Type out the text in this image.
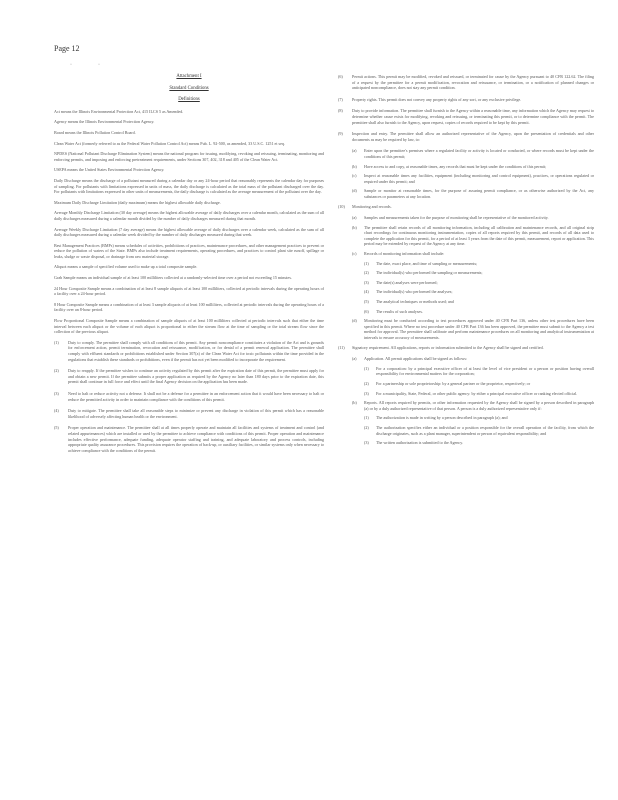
Page 12
·	·
Attachment I
Standard Conditions
Definitions
Act means the Illinois Environmental Protection Act, 415 ILCS 5 as Amended.
Agency means the Illinois Environmental Protection Agency.
Board means the Illinois Pollution Control Board.
Clean Water Act (formerly referred to as the Federal Water Pollution Control Act) means Pub. L. 92-500, as amended, 33 U.S.C. 1251 et seq.
NPDES (National Pollutant Discharge Elimination System) means the national program for issuing, modifying, revoking and reissuing, terminating, monitoring and enforcing permits, and imposing and enforcing pretreatment requirements, under Sections 307, 402, 318 and 405 of the Clean Water Act.
USEPA means the United States Environmental Protection Agency.
Daily Discharge means the discharge of a pollutant measured during a calendar day or any 24-hour period that reasonably represents the calendar day for purposes of sampling. For pollutants with limitations expressed in units of mass, the daily discharge is calculated as the total mass of the pollutant discharged over the day. For pollutants with limitations expressed in other units of measurements, the daily discharge is calculated as the average measurement of the pollutant over the day.
Maximum Daily Discharge Limitation (daily maximum) means the highest allowable daily discharge.
Average Monthly Discharge Limitation (30 day average) means the highest allowable average of daily discharges over a calendar month, calculated as the sum of all daily discharges measured during a calendar month divided by the number of daily discharges measured during that month.
Average Weekly Discharge Limitation (7 day average) means the highest allowable average of daily discharges over a calendar week, calculated as the sum of all daily discharges measured during a calendar week divided by the number of daily discharges measured during that week.
Best Management Practices (BMPs) means schedules of activities, prohibitions of practices, maintenance procedures, and other management practices to prevent or reduce the pollution of waters of the State. BMPs also include treatment requirements, operating procedures, and practices to control plant site runoff, spillage or leaks, sludge or waste disposal, or drainage from raw material storage.
Aliquot means a sample of specified volume used to make up a total composite sample.
Grab Sample means an individual sample of at least 100 milliliters collected at a randomly-selected time over a period not exceeding 15 minutes.
24 Hour Composite Sample means a combination of at least 8 sample aliquots of at least 100 milliliters, collected at periodic intervals during the operating hours of a facility over a 24-hour period.
8 Hour Composite Sample means a combination of at least 3 sample aliquots of at least 100 milliliters, collected at periodic intervals during the operating hours of a facility over an 8-hour period.
Flow Proportional Composite Sample means a combination of sample aliquots of at least 100 milliliters collected at periodic intervals such that either the time interval between each aliquot or the volume of each aliquot is proportional to either the stream flow at the time of sampling or the total stream flow since the collection of the previous aliquot.
(1)	Duty to comply. The permittee shall comply with all conditions of this permit. Any permit noncompliance constitutes a violation of the Act and is grounds for enforcement action, permit termination, revocation and reissuance, modification, or for denial of a permit renewal application. The permittee shall comply with effluent standards or prohibitions established under Section 307(a) of the Clean Water Act for toxic pollutants within the time provided in the regulations that establish these standards or prohibitions, even if the permit has not yet been modified to incorporate the requirement.
(2)	Duty to reapply. If the permittee wishes to continue an activity regulated by this permit after the expiration date of this permit, the permittee must apply for and obtain a new permit. If the permittee submits a proper application as required by the Agency no later than 180 days prior to the expiration date, this permit shall continue in full force and effect until the final Agency decision on the application has been made.
(3)	Need to halt or reduce activity not a defense. It shall not be a defense for a permittee in an enforcement action that it would have been necessary to halt or reduce the permitted activity in order to maintain compliance with the conditions of this permit.
(4)	Duty to mitigate. The permittee shall take all reasonable steps to minimize or prevent any discharge in violation of this permit which has a reasonable likelihood of adversely affecting human health or the environment.
(5)	Proper operation and maintenance. The permittee shall at all times properly operate and maintain all facilities and systems of treatment and control (and related appurtenances) which are installed or used by the permittee to achieve compliance with conditions of this permit. Proper operation and maintenance includes effective performance, adequate funding, adequate operator staffing and training, and adequate laboratory and process controls, including appropriate quality assurance procedures. This provision requires the operation of back-up, or auxiliary facilities, or similar systems only when necessary to achieve compliance with the conditions of the permit.
(6)	Permit actions. This permit may be modified, revoked and reissued, or terminated for cause by the Agency pursuant to 40 CFR 122.62. The filing of a request by the permittee for a permit modification, revocation and reissuance, or termination, or a notification of planned changes or anticipated noncompliance, does not stay any permit condition.
(7)	Property rights. This permit does not convey any property rights of any sort, or any exclusive privilege.
(8)	Duty to provide information. The permittee shall furnish to the Agency within a reasonable time, any information which the Agency may request to determine whether cause exists for modifying, revoking and reissuing, or terminating this permit, or to determine compliance with the permit. The permittee shall also furnish to the Agency, upon request, copies of records required to be kept by this permit.
(9)	Inspection and entry. The permittee shall allow an authorized representative of the Agency, upon the presentation of credentials and other documents as may be required by law, to:
(a)	Enter upon the permittee's premises where a regulated facility or activity is located or conducted, or where records must be kept under the conditions of this permit;
(b)	Have access to and copy, at reasonable times, any records that must be kept under the conditions of this permit;
(c)	Inspect at reasonable times any facilities, equipment (including monitoring and control equipment), practices, or operations regulated or required under this permit; and
(d)	Sample or monitor at reasonable times, for the purpose of assuring permit compliance, or as otherwise authorized by the Act, any substances or parameters at any location.
(10)	Monitoring and records.
(a)	Samples and measurements taken for the purpose of monitoring shall be representative of the monitored activity.
(b)	The permittee shall retain records of all monitoring information, including all calibration and maintenance records, and all original strip chart recordings for continuous monitoring instrumentation, copies of all reports required by this permit, and records of all data used to complete the application for this permit, for a period of at least 3 years from the date of this permit, measurement, report or application. This period may be extended by request of the Agency at any time.
(c)	Records of monitoring information shall include:
(1)	The date, exact place, and time of sampling or measurements;
(2)	The individual(s) who performed the sampling or measurements;
(3)	The date(s) analyses were performed;
(4)	The individual(s) who performed the analyses;
(5)	The analytical techniques or methods used; and
(6)	The results of such analyses.
(d)	Monitoring must be conducted according to test procedures approved under 40 CFR Part 136, unless other test procedures have been specified in this permit. Where no test procedure under 40 CFR Part 136 has been approved, the permittee must submit to the Agency a test method for approval. The permittee shall calibrate and perform maintenance procedures on all monitoring and analytical instrumentation at intervals to ensure accuracy of measurements.
(11)	Signatory requirement. All applications, reports or information submitted to the Agency shall be signed and certified.
(a)	Application. All permit applications shall be signed as follows:
(1)	For a corporation: by a principal executive officer of at least the level of vice president or a person or position having overall responsibility for environmental matters for the corporation;
(2)	For a partnership or sole proprietorship: by a general partner or the proprietor, respectively; or
(3)	For a municipality, State, Federal, or other public agency: by either a principal executive officer or ranking elected official.
(b)	Reports. All reports required by permits, or other information requested by the Agency shall be signed by a person described in paragraph (a) or by a duly authorized representative of that person. A person is a duly authorized representative only if:
(1)	The authorization is made in writing by a person described in paragraph (a); and
(2)	The authorization specifies either an individual or a position responsible for the overall operation of the facility, from which the discharge originates, such as a plant manager, superintendent or person of equivalent responsibility; and
(3)	The written authorization is submitted to the Agency.
